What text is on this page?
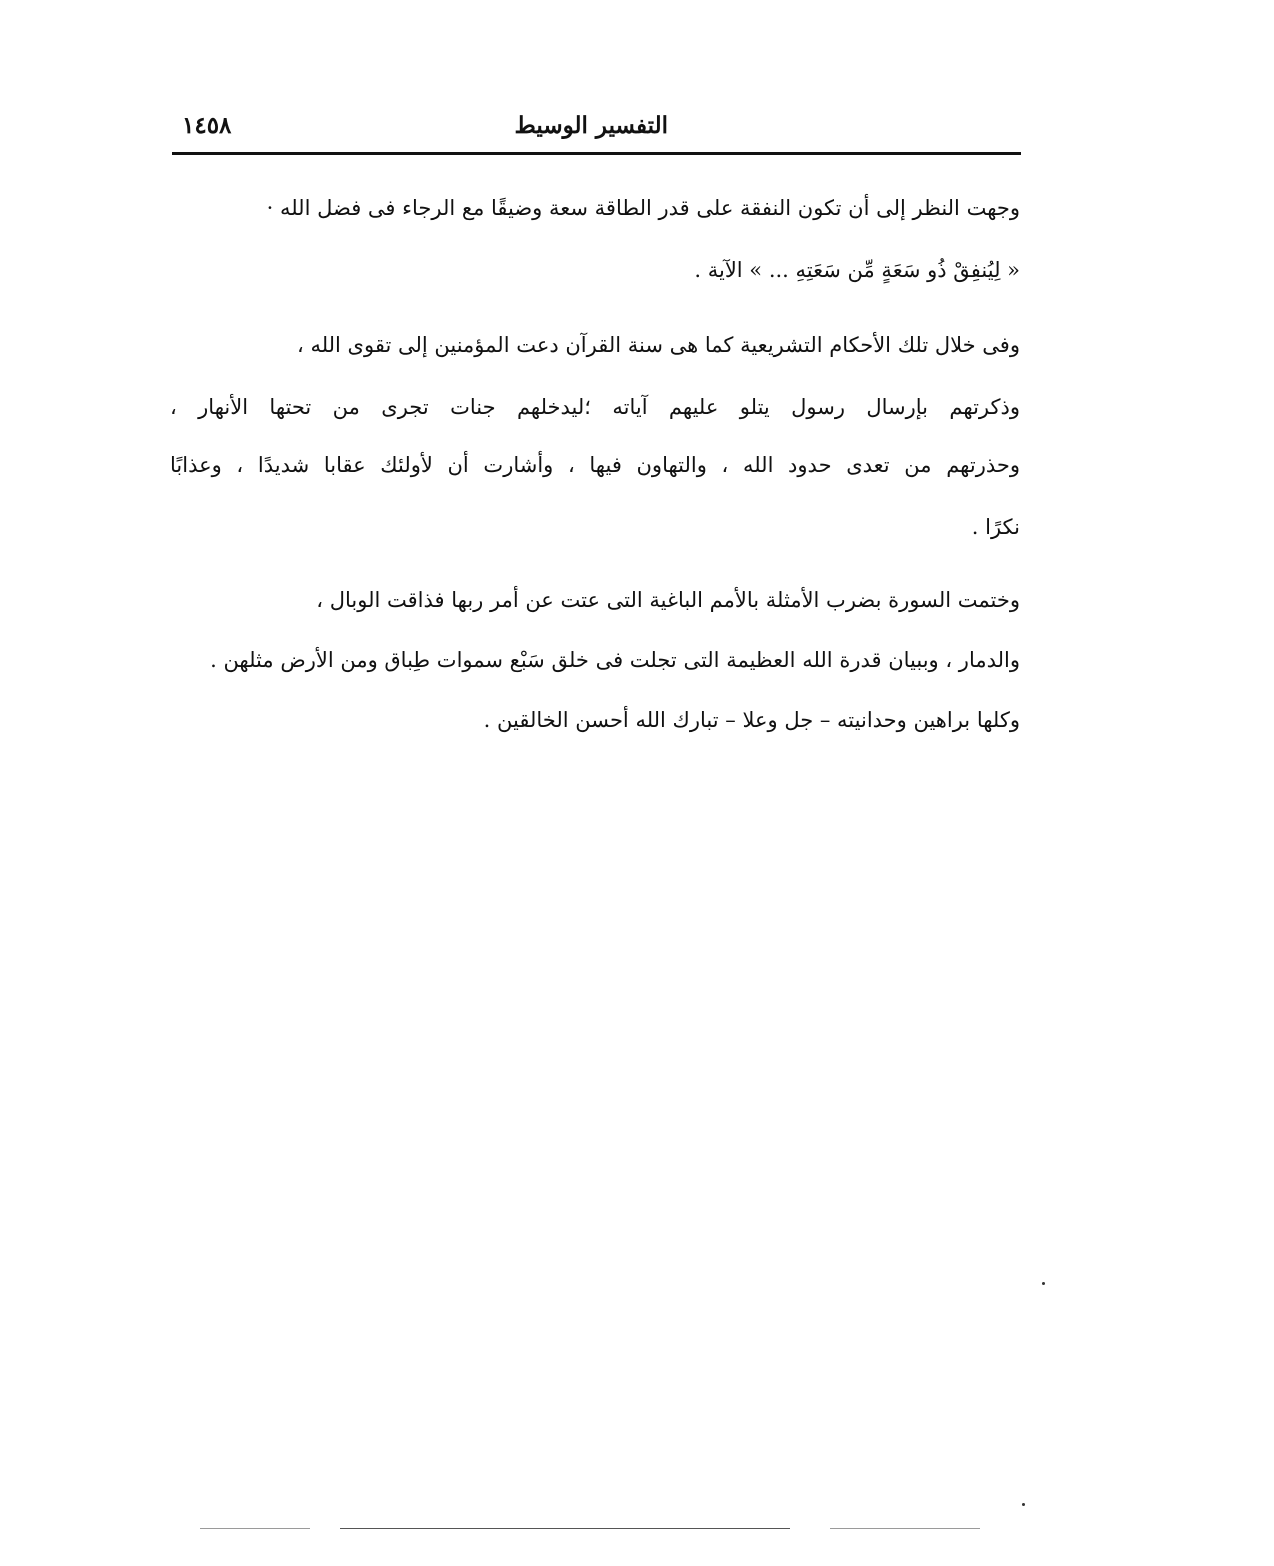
التفسير الوسيط
١٤٥٨
وجهت النظر إلى أن تكون النفقة على قدر الطاقة سعة وضيقًا مع الرجاء فى فضل الله ·
« لِيُنفِقْ ذُو سَعَةٍ مِّن سَعَتِهِ ... » الآية .
وفى خلال تلك الأحكام التشريعية كما هى سنة القرآن دعت المؤمنين إلى تقوى الله ،
وذكرتهم بإرسال رسول يتلو عليهم آياته ؛ليدخلهم جنات تجرى من تحتها الأنهار ،
وحذرتهم من تعدى حدود الله ، والتهاون فيها ، وأشارت أن لأولئك عقابا شديدًا ، وعذابًا
نكرًا .
وختمت السورة بضرب الأمثلة بالأمم الباغية التى عتت عن أمر ربها فذاقت الوبال ،
والدمار ، وببيان قدرة الله العظيمة التى تجلت فى خلق سَبْع سموات طِباق ومن الأرض مثلهن .
وكلها براهين وحدانيته – جل وعلا – تبارك الله أحسن الخالقين .
